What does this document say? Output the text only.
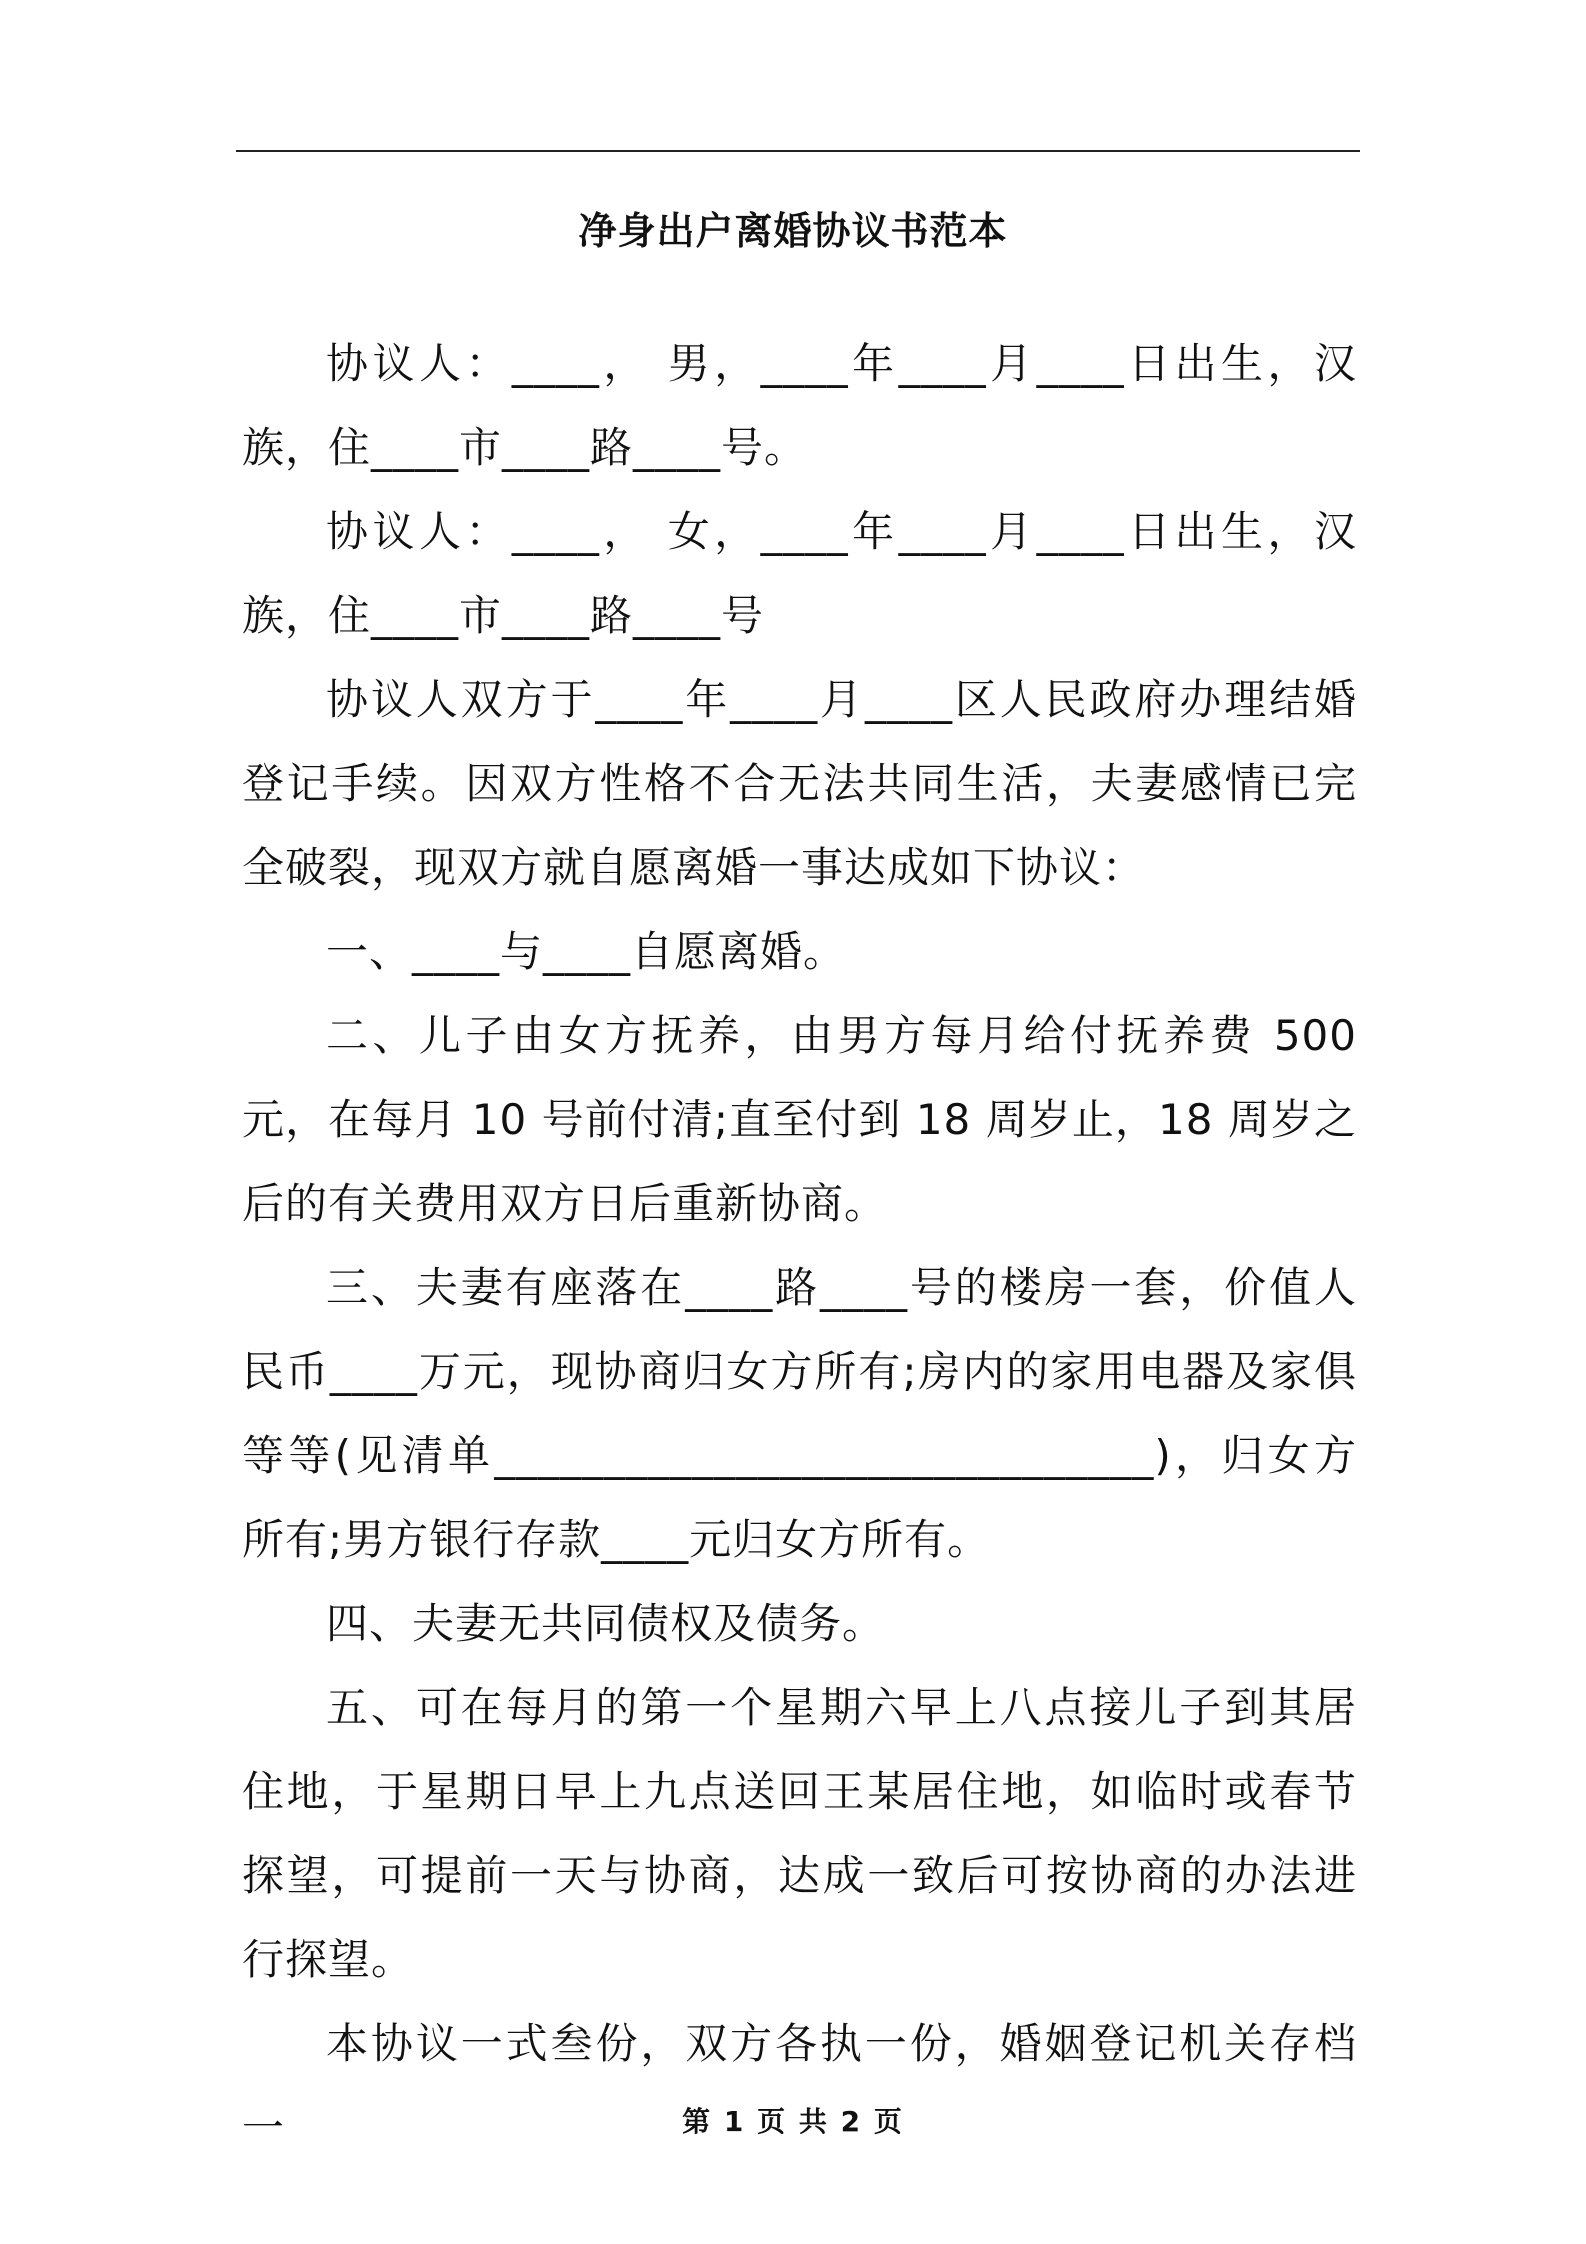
净身出户离婚协议书范本

协议人：____， 男，____年____月____日出生，汉族，住____市____路____号。

协议人：____， 女，____年____月____日出生，汉族，住____市____路____号

协议人双方于____年____月____区人民政府办理结婚登记手续。因双方性格不合无法共同生活，夫妻感情已完全破裂，现双方就自愿离婚一事达成如下协议：

一、____与____自愿离婚。

二、儿子由女方抚养，由男方每月给付抚养费 500 元，在每月 10 号前付清;直至付到 18 周岁止，18 周岁之后的有关费用双方日后重新协商。

三、夫妻有座落在____路____号的楼房一套，价值人民币____万元，现协商归女方所有;房内的家用电器及家俱等等(见清单______________________________)，归女方所有;男方银行存款____元归女方所有。

四、夫妻无共同债权及债务。

五、可在每月的第一个星期六早上八点接儿子到其居住地，于星期日早上九点送回王某居住地，如临时或春节探望，可提前一天与协商，达成一致后可按协商的办法进行探望。

本协议一式叁份，双方各执一份，婚姻登记机关存档一	第 1 页 共 2 页
